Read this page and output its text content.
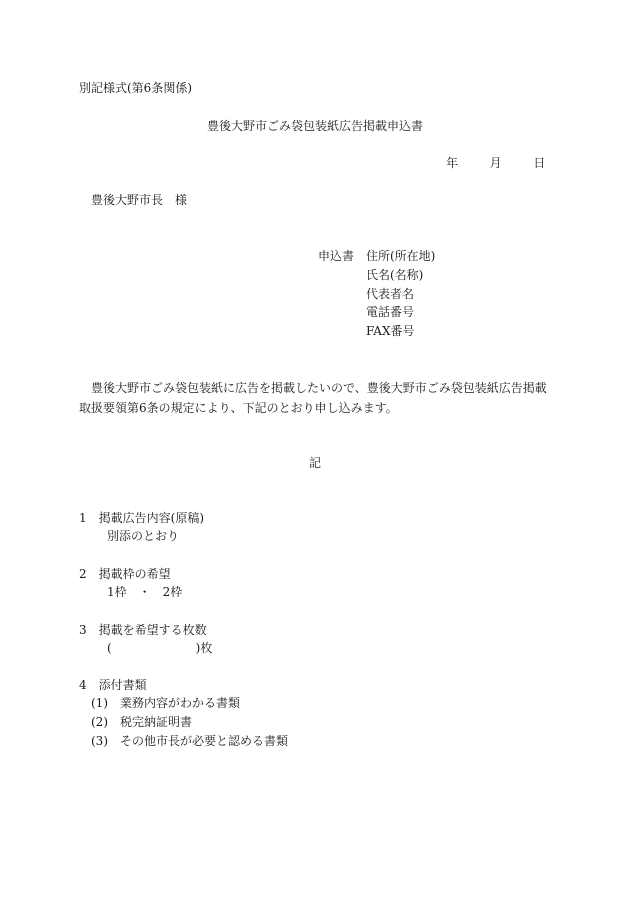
別記様式(第6条関係)
豊後大野市ごみ袋包装紙広告掲載申込書
年	月	日
豊後大野市長　様
申込書 住所(所在地)
氏名(名称)
代表者名
電話番号
FAX番号
豊後大野市ごみ袋包装紙に広告を掲載したいので、豊後大野市ごみ袋包装紙広告掲載取扱要領第6条の規定により、下記のとおり申し込みます。
記
1　掲載広告内容(原稿)
別添のとおり
2　掲載枠の希望
1枠　・　2枠
3　掲載を希望する枚数
(　　　　　　　)枚
4　添付書類
(1)　業務内容がわかる書類
(2)　税完納証明書
(3)　その他市長が必要と認める書類
